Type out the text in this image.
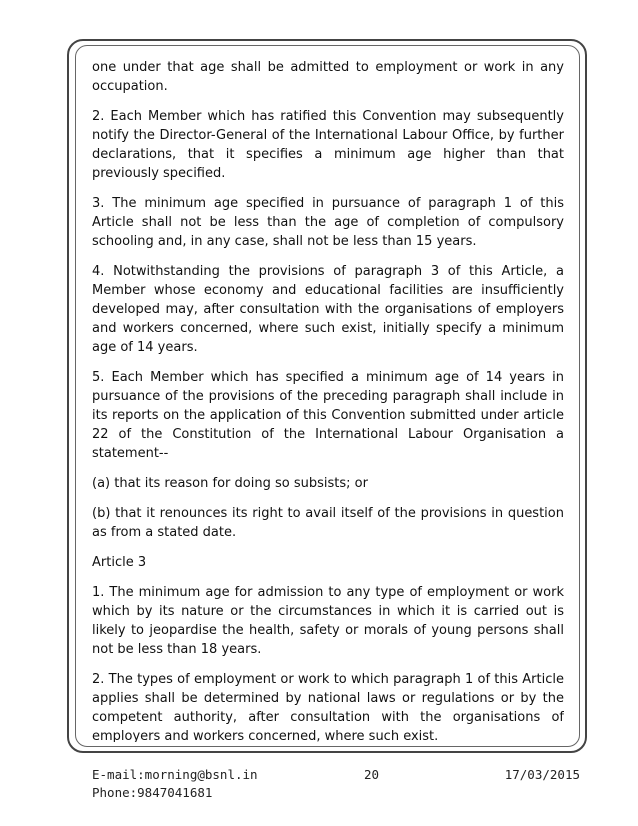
one under that age shall be admitted to employment or work in any occupation.

2. Each Member which has ratified this Convention may subsequently notify the Director-General of the International Labour Office, by further declarations, that it specifies a minimum age higher than that previously specified.

3. The minimum age specified in pursuance of paragraph 1 of this Article shall not be less than the age of completion of compulsory schooling and, in any case, shall not be less than 15 years.

4. Notwithstanding the provisions of paragraph 3 of this Article, a Member whose economy and educational facilities are insufficiently developed may, after consultation with the organisations of employers and workers concerned, where such exist, initially specify a minimum age of 14 years.

5. Each Member which has specified a minimum age of 14 years in pursuance of the provisions of the preceding paragraph shall include in its reports on the application of this Convention submitted under article 22 of the Constitution of the International Labour Organisation a statement--

(a) that its reason for doing so subsists; or

(b) that it renounces its right to avail itself of the provisions in question as from a stated date.

Article 3

1. The minimum age for admission to any type of employment or work which by its nature or the circumstances in which it is carried out is likely to jeopardise the health, safety or morals of young persons shall not be less than 18 years.

2. The types of employment or work to which paragraph 1 of this Article applies shall be determined by national laws or regulations or by the competent authority, after consultation with the organisations of employers and workers concerned, where such exist.

E-mail:morning@bsnl.in	20	17/03/2015
Phone:9847041681
